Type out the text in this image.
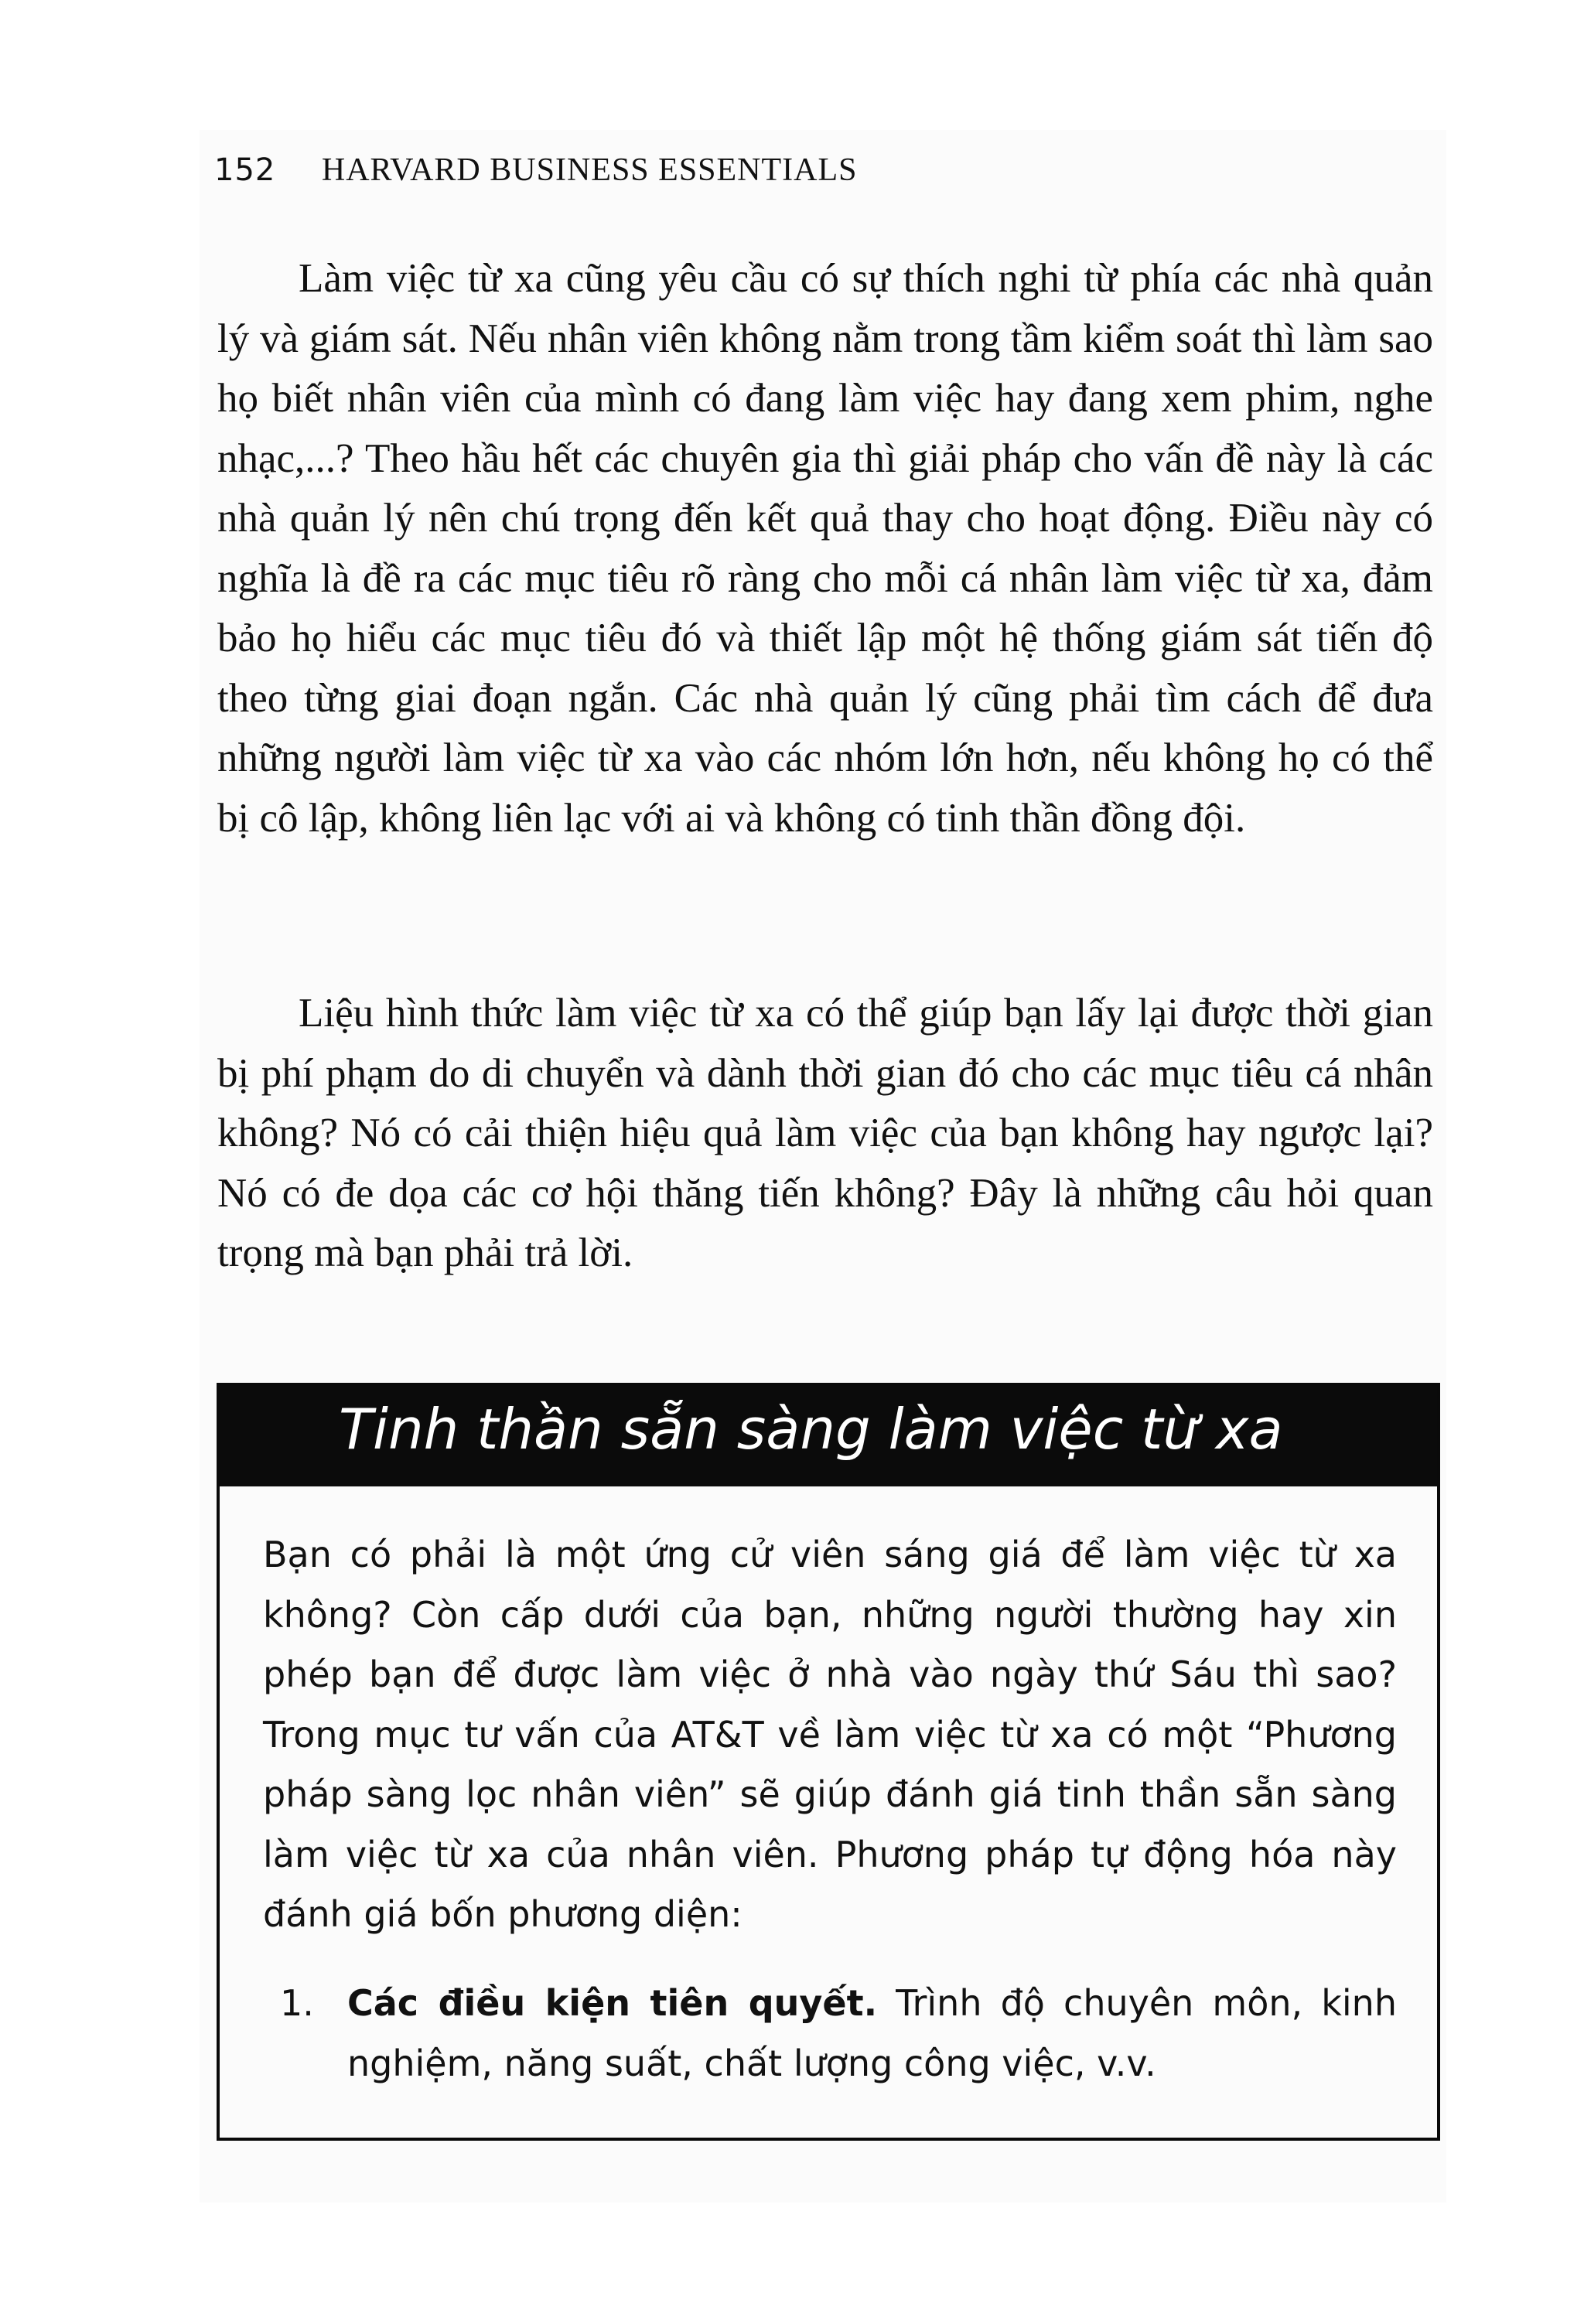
152 HARVARD BUSINESS ESSENTIALS

Làm việc từ xa cũng yêu cầu có sự thích nghi từ phía các nhà quản lý và giám sát. Nếu nhân viên không nằm trong tầm kiểm soát thì làm sao họ biết nhân viên của mình có đang làm việc hay đang xem phim, nghe nhạc,...? Theo hầu hết các chuyên gia thì giải pháp cho vấn đề này là các nhà quản lý nên chú trọng đến kết quả thay cho hoạt động. Điều này có nghĩa là đề ra các mục tiêu rõ ràng cho mỗi cá nhân làm việc từ xa, đảm bảo họ hiểu các mục tiêu đó và thiết lập một hệ thống giám sát tiến độ theo từng giai đoạn ngắn. Các nhà quản lý cũng phải tìm cách để đưa những người làm việc từ xa vào các nhóm lớn hơn, nếu không họ có thể bị cô lập, không liên lạc với ai và không có tinh thần đồng đội.

Liệu hình thức làm việc từ xa có thể giúp bạn lấy lại được thời gian bị phí phạm do di chuyển và dành thời gian đó cho các mục tiêu cá nhân không? Nó có cải thiện hiệu quả làm việc của bạn không hay ngược lại? Nó có đe dọa các cơ hội thăng tiến không? Đây là những câu hỏi quan trọng mà bạn phải trả lời.

Tinh thần sẵn sàng làm việc từ xa

Bạn có phải là một ứng cử viên sáng giá để làm việc từ xa không? Còn cấp dưới của bạn, những người thường hay xin phép bạn để được làm việc ở nhà vào ngày thứ Sáu thì sao? Trong mục tư vấn của AT&T về làm việc từ xa có một “Phương pháp sàng lọc nhân viên” sẽ giúp đánh giá tinh thần sẵn sàng làm việc từ xa của nhân viên. Phương pháp tự động hóa này đánh giá bốn phương diện:

1. Các điều kiện tiên quyết. Trình độ chuyên môn, kinh nghiệm, năng suất, chất lượng công việc, v.v.
